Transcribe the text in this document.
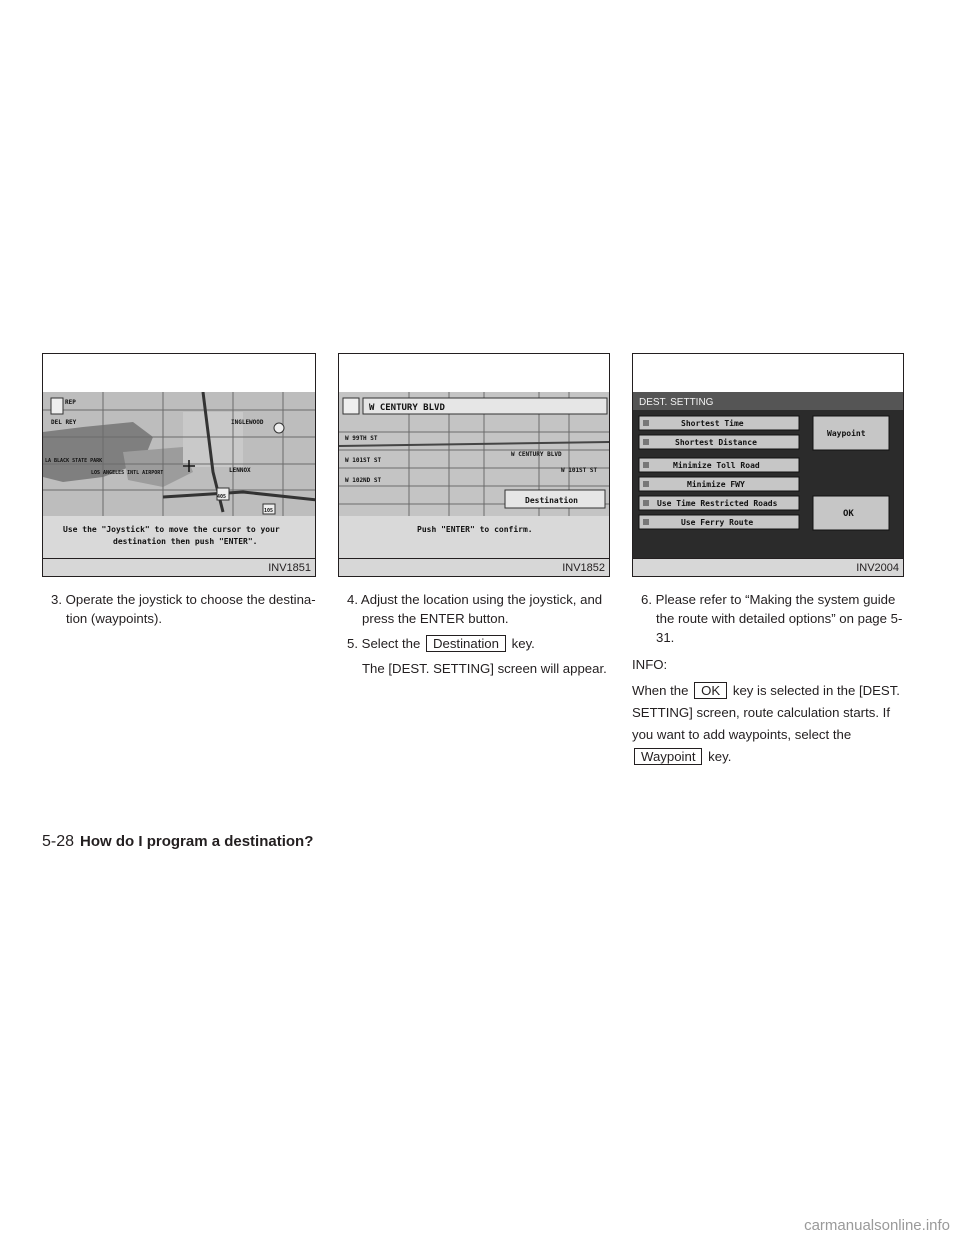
REP
DEL REY	INGLEWOOD
LA BLACK STATE PARK
LOS ANGELES INTL AIRPORT	LENNOX
405
105
Use the "Joystick" to move the cursor to your
destination then push "ENTER".
INV1851
W CENTURY BLVD
W 99TH ST
W 101ST ST
W 102ND ST
W CENTURY BLVD
W 101ST ST
Destination
Push "ENTER" to confirm.
INV1852
DEST. SETTING
Shortest Time
Shortest Distance
Minimize Toll Road
Minimize FWY
Use Time Restricted Roads
Use Ferry Route
Waypoint
OK
INV2004

3. Operate the joystick to choose the destina-tion (waypoints).

4. Adjust the location using the joystick, and press the ENTER button.

5. Select the Destination key.

The [DEST. SETTING] screen will appear.

6. Please refer to “Making the system guide the route with detailed options” on page 5-31.

INFO:

When the OK key is selected in the [DEST. SETTING] screen, route calculation starts. If you want to add waypoints, select the Waypoint key.

5-28 How do I program a destination?
carmanualsonline.info
